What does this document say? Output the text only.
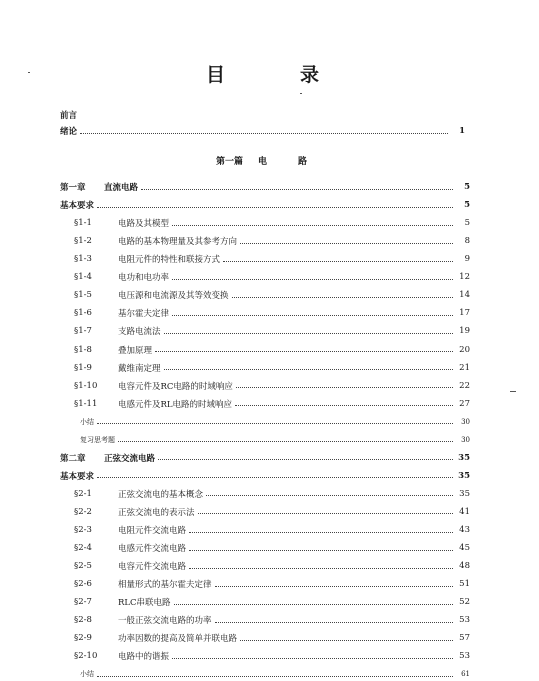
目	录
前言
绪论	1
第一篇 电	路
第一章	直流电路	5
基本要求	5
§1-1	电路及其模型	5
§1-2	电路的基本物理量及其参考方向	8
§1-3	电阻元件的特性和联接方式	9
§1-4	电功和电功率	12
§1-5	电压源和电流源及其等效变换	14
§1-6	基尔霍夫定律	17
§1-7	支路电流法	19
§1-8	叠加原理	20
§1-9	戴维南定理	21
§1-10	电容元件及RC电路的时域响应	22
§1-11	电感元件及RL电路的时域响应	27
小结	30
复习思考题	30
第二章	正弦交流电路	35
基本要求	35
§2-1	正弦交流电的基本概念	35
§2-2	正弦交流电的表示法	41
§2-3	电阻元件交流电路	43
§2-4	电感元件交流电路	45
§2-5	电容元件交流电路	48
§2-6	相量形式的基尔霍夫定律	51
§2-7	RLC串联电路	52
§2-8	一般正弦交流电路的功率	53
§2-9	功率因数的提高及简单并联电路	57
§2-10	电路中的谐振	53
小结	61
